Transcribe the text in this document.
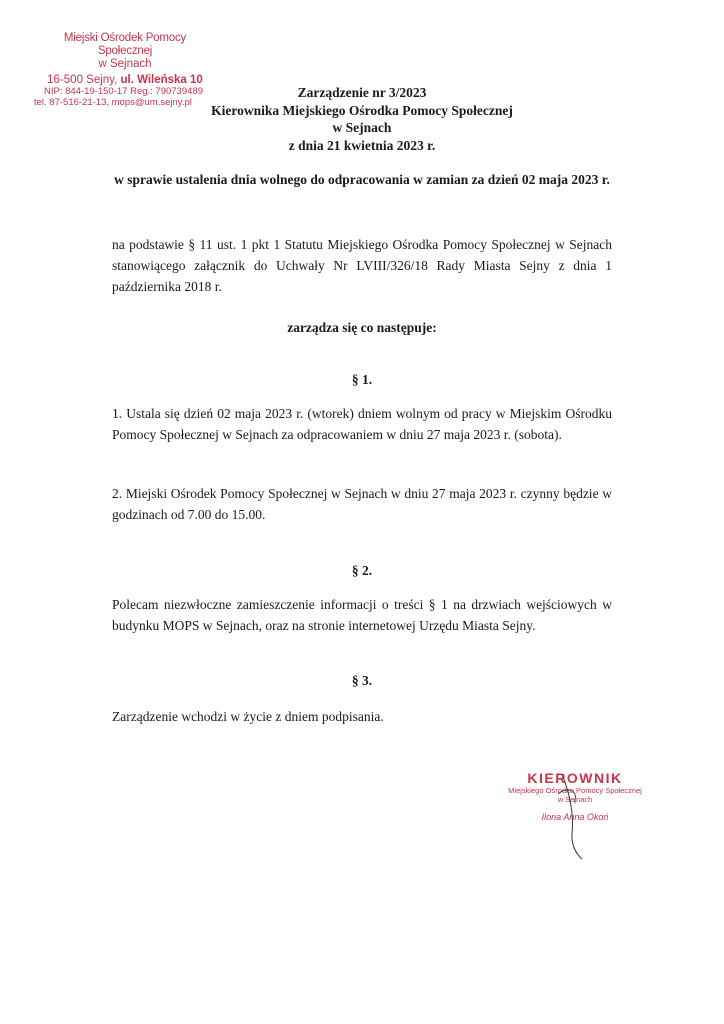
Miejski Ośrodek Pomocy Społecznej
w Sejnach
16-500 Sejny, ul. Wileńska 10
NIP: 844-19-150-17 Reg.: 790739489
tel. 87-516-21-13, mops@um.sejny.pl
Zarządzenie nr 3/2023
Kierownika Miejskiego Ośrodka Pomocy Społecznej
w Sejnach
z dnia 21 kwietnia 2023 r.
w sprawie ustalenia dnia wolnego do odpracowania w zamian za dzień 02 maja 2023 r.
na podstawie § 11 ust. 1 pkt 1 Statutu Miejskiego Ośrodka Pomocy Społecznej w Sejnach stanowiącego załącznik do Uchwały Nr LVIII/326/18 Rady Miasta Sejny z dnia 1 października 2018 r.
zarządza się co następuje:
§ 1.
1. Ustala się dzień 02 maja 2023 r. (wtorek) dniem wolnym od pracy w Miejskim Ośrodku Pomocy Społecznej w Sejnach za odpracowaniem w dniu 27 maja 2023 r. (sobota).
2. Miejski Ośrodek Pomocy Społecznej w Sejnach w dniu 27 maja 2023 r. czynny będzie w godzinach od 7.00 do 15.00.
§ 2.
Polecam niezwłoczne zamieszczenie informacji o treści § 1 na drzwiach wejściowych w budynku MOPS w Sejnach, oraz na stronie internetowej Urzędu Miasta Sejny.
§ 3.
Zarządzenie wchodzi w życie z dniem podpisania.
KIEROWNIK
Miejskiego Ośrodka Pomocy Społecznej
w Sejnach
Ilona Anna Okoń
